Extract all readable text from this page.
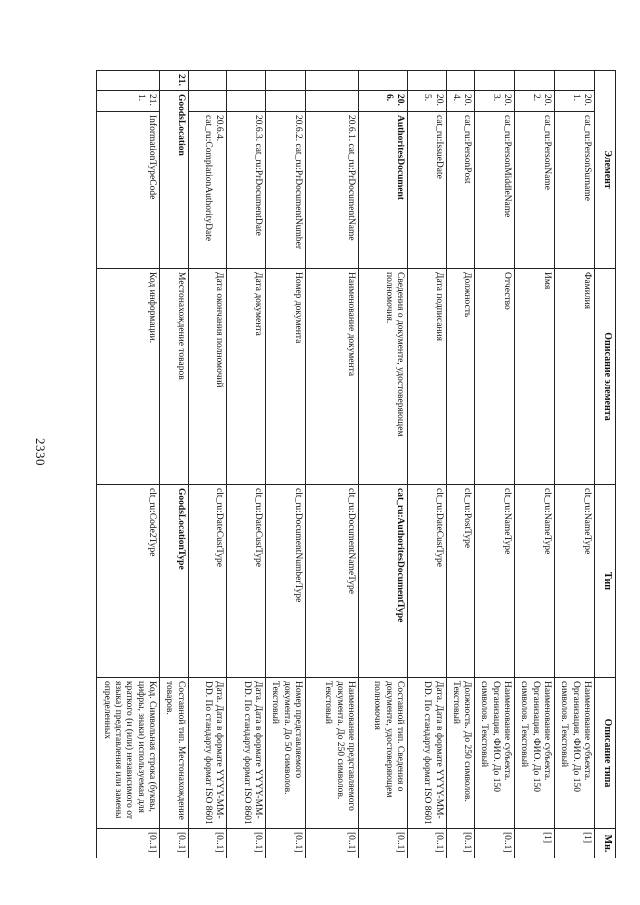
2330
Элемент			Описание элемента	Тип	Описание типа	Мн.
	20.1.	cat_ru:PersonSurname	Фамилия	clt_ru:NameType	Наименование субъекта. Организация, ФИО. До 150 символов. Текстовый	[1]
	20.2.	cat_ru:PersonName	Имя	clt_ru:NameType	Наименование субъекта. Организация, ФИО. До 150 символов. Текстовый	[1]
	20.3.	cat_ru:PersonMiddleName	Отчество	clt_ru:NameType	Наименование субъекта. Организация, ФИО. До 150 символов. Текстовый	[0..1]
	20.4.	cat_ru:PersonPost	Должность	clt_ru:PostType	Должность. До 250 символов. Текстовый	[0..1]
	20.5.	cat_ru:IssueDate	Дата подписания	clt_ru:DateCustType	Дата. Дата в формате YYYY-MM-DD. По стандарту формат ISO 8601	[0..1]
	20.6.	AuthoritesDocument	Сведения о документе, удостоверяющем полномочия.	cat_ru:AuthoritesDocumentType	Составной тип. Сведения о документе, удостоверяющем полномочия	[0..1]
		20.6.1. cat_ru:PrDocumentName	Наименование документа	clt_ru:DocumentNameType	Наименование представляемого документа. До 250 символов. Текстовый	[0..1]
		20.6.2. cat_ru:PrDocumentNumber	Номер документа	clt_ru:DocumentNumberType	Номер представляемого документа. До 50 символов. Текстовый	[0..1]
		20.6.3. cat_ru:PrDocumentDate	Дата документа	clt_ru:DateCustType	Дата. Дата в формате YYYY-MM-DD. По стандарту формат ISO 8601	[0..1]
		20.6.4. cat_ru:ComplationAuthorityDate	Дата окончания полномочий	clt_ru:DateCustType	Дата. Дата в формате YYYY-MM-DD. По стандарту формат ISO 8601	[0..1]
21.	GoodsLocation		Местонахождение товаров	GoodsLocationType	Составной тип. Местонахождение товаров.	[0..1]
	21.1.	InformationTypeCode	Код информации.	clt_ru:Code2Type	Код. Символьная строка (буквы, цифры, знаки) используемая для краткого (и (или) независимого от языка) представления или замены определенных	[0..1]
